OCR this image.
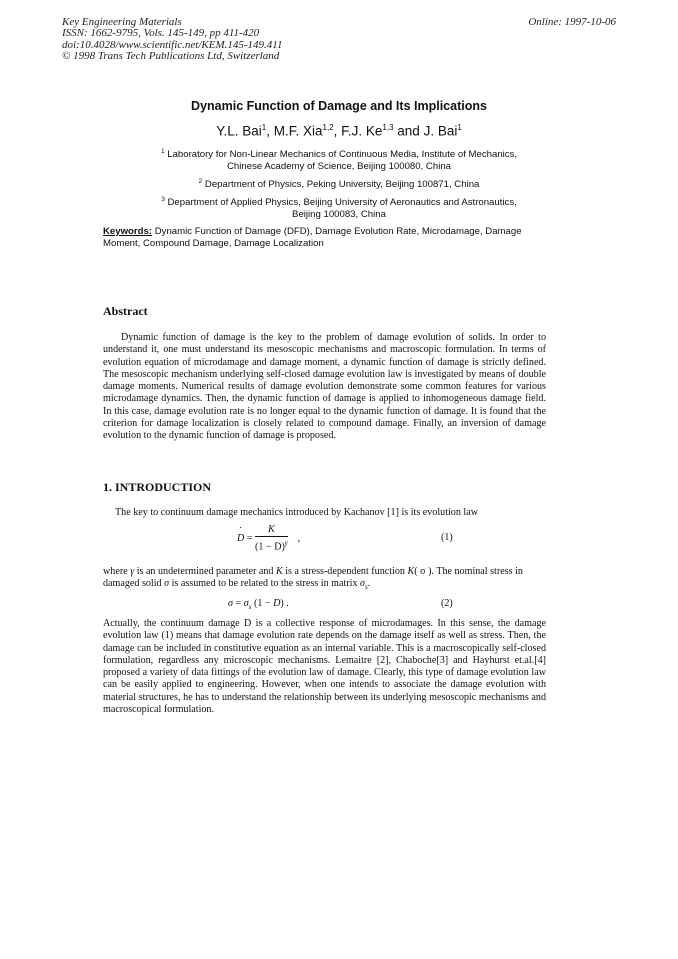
Key Engineering Materials
ISSN: 1662-9795, Vols. 145-149, pp 411-420
doi:10.4028/www.scientific.net/KEM.145-149.411
© 1998 Trans Tech Publications Ltd, Switzerland
Online: 1997-10-06
Dynamic Function of Damage and Its Implications
Y.L. Bai$^1$, M.F. Xia$^{1,2}$, F.J. Ke$^{1,3}$ and J. Bai$^1$
$^1$ Laboratory for Non-Linear Mechanics of Continuous Media, Institute of Mechanics,
Chinese Academy of Science, Beijing 100080, China
$^2$ Department of Physics, Peking University, Beijing 100871, China
$^3$ Department of Applied Physics, Beijing University of Aeronautics and Astronautics,
Beijing 100083, China
Keywords: Dynamic Function of Damage (DFD), Damage Evolution Rate, Microdamage, Damage Moment, Compound Damage, Damage Localization
Abstract

Dynamic function of damage is the key to the problem of damage evolution of solids. In order to understand it, one must understand its mesoscopic mechanisms and macroscopic formulation. In terms of evolution equation of microdamage and damage moment, a dynamic function of damage is strictly defined. The mesoscopic mechanism underlying self-closed damage evolution law is investigated by means of double damage moments. Numerical results of damage evolution demonstrate some common features for various microdamage dynamics. Then, the dynamic function of damage is applied to inhomogeneous damage field. In this case, damage evolution rate is no longer equal to the dynamic function of damage. It is found that the criterion for damage localization is closely related to compound damage. Finally, an inversion of damage evolution to the dynamic function of damage is proposed.

1. INTRODUCTION

The key to continuum damage mechanics introduced by Kachanov [1] is its evolution law

˙ $D = \frac{K}{(1 - D)^\gamma}$ ,	(1)

where γ is an undetermined parameter and K is a stress-dependent function K( σ ). The nominal stress in damaged solid σ is assumed to be related to the stress in matrix $\sigma_s$.

$\sigma = \sigma_s$ (1 − D) .	(2)

Actually, the continuum damage D is a collective response of microdamages. In this sense, the damage evolution law (1) means that damage evolution rate depends on the damage itself as well as stress. Then, the damage can be included in constitutive equation as an internal variable. This is a macroscopically self-closed formulation, regardless any microscopic mechanisms. Lemaitre [2], Chaboche[3] and Hayhurst et.al.[4] proposed a variety of data fittings of the evolution law of damage. Clearly, this type of damage evolution law can be easily applied to engineering. However, when one intends to associate the damage evolution with material structures, he has to understand the relationship between its underlying mesoscopic mechanisms and macroscopical formulation.
